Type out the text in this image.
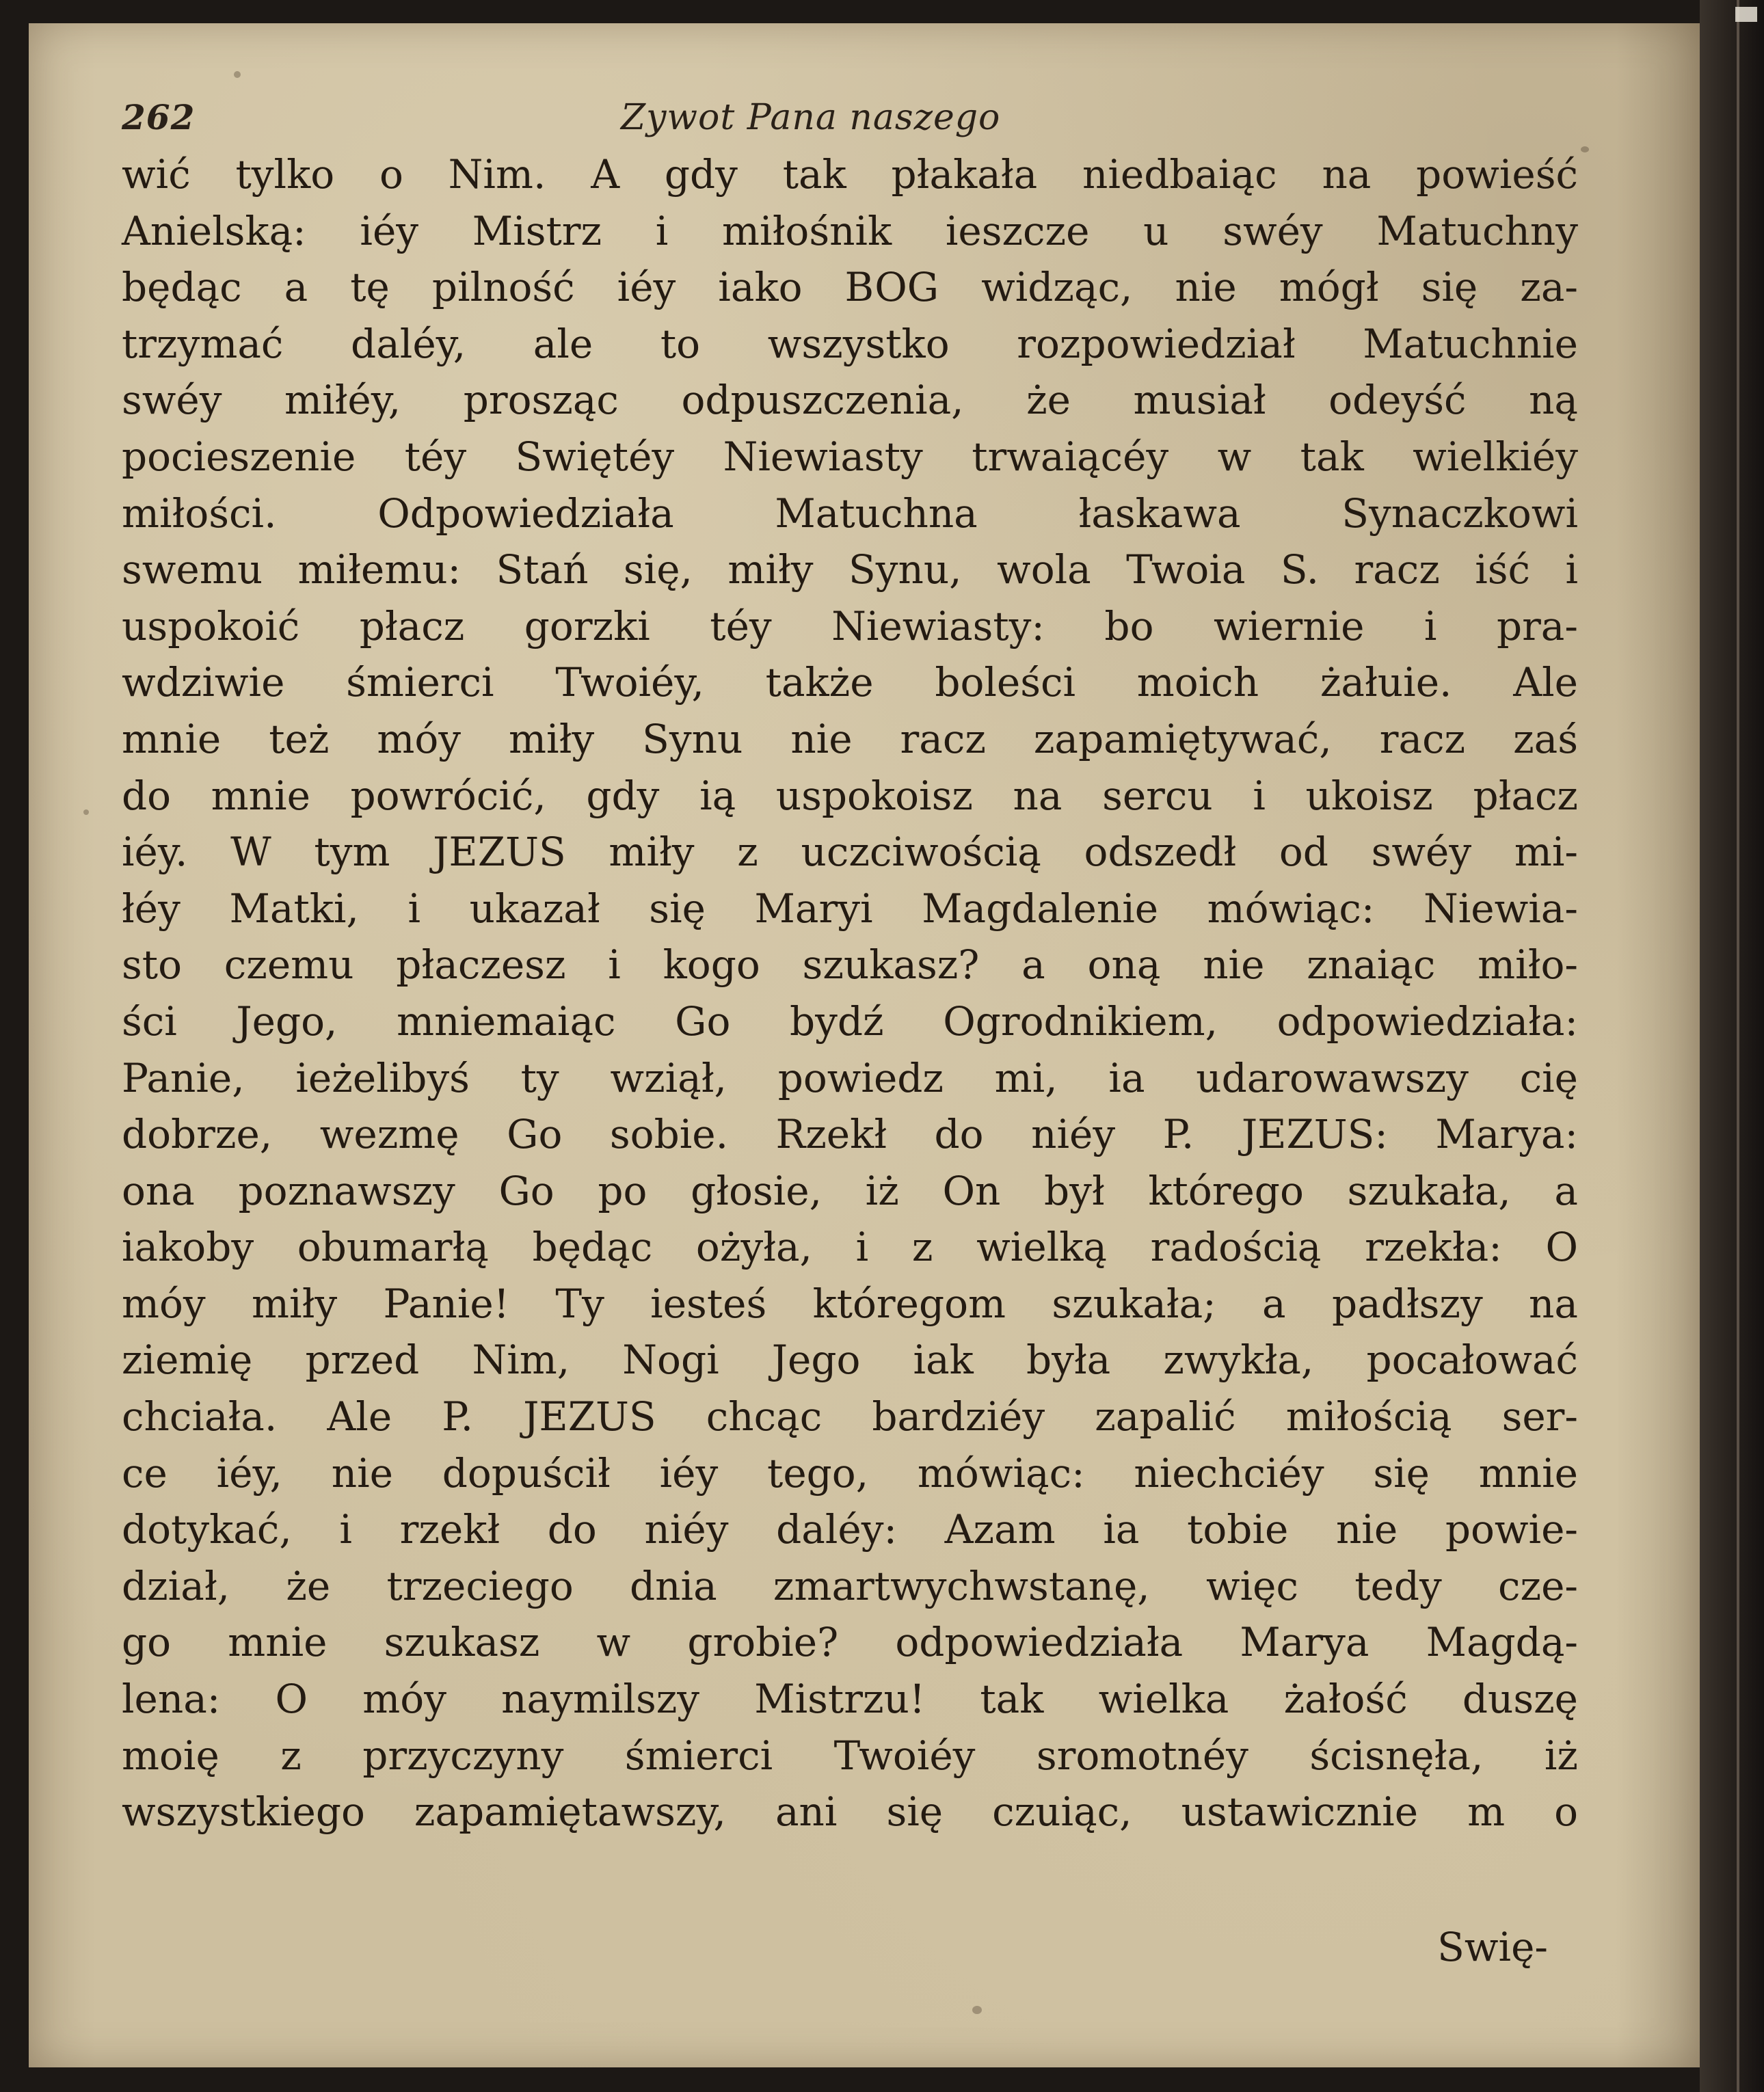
262	Zywot Pana naszego
wić tylko o Nim. A gdy tak płakała niedbaiąc na powieść
Anielską: iéy Mistrz i miłośnik ieszcze u swéy Matuchny
będąc a tę pilność iéy iako BOG widząc, nie mógł się za-
trzymać daléy, ale to wszystko rozpowiedział Matuchnie
swéy miłéy, prosząc odpuszczenia, że musiał odeyść ną
pocieszenie téy Swiętéy Niewiasty trwaiącéy w tak wielkiéy
miłości. Odpowiedziała Matuchna łaskawa Synaczkowi
swemu miłemu: Stań się, miły Synu, wola Twoia S. racz iść i
uspokoić płacz gorzki téy Niewiasty: bo wiernie i pra-
wdziwie śmierci Twoiéy, także boleści moich żałuie. Ale
mnie też móy miły Synu nie racz zapamiętywać, racz zaś
do mnie powrócić, gdy ią uspokoisz na sercu i ukoisz płacz
iéy. W tym JEZUS miły z uczciwością odszedł od swéy mi-
łéy Matki, i ukazał się Maryi Magdalenie mówiąc: Niewia-
sto czemu płaczesz i kogo szukasz? a oną nie znaiąc miło-
ści Jego, mniemaiąc Go bydź Ogrodnikiem, odpowiedziała:
Panie, ieżelibyś ty wziął, powiedz mi, ia udarowawszy cię
dobrze, wezmę Go sobie. Rzekł do niéy P. JEZUS: Marya:
ona poznawszy Go po głosie, iż On był którego szukała, a
iakoby obumarłą będąc ożyła, i z wielką radością rzekła: O
móy miły Panie! Ty iesteś któregom szukała; a padłszy na
ziemię przed Nim, Nogi Jego iak była zwykła, pocałować
chciała. Ale P. JEZUS chcąc bardziéy zapalić miłością ser-
ce iéy, nie dopuścił iéy tego, mówiąc: niechciéy się mnie
dotykać, i rzekł do niéy daléy: Azam ia tobie nie powie-
dział, że trzeciego dnia zmartwychwstanę, więc tedy cze-
go mnie szukasz w grobie? odpowiedziała Marya Magdą-
lena: O móy naymilszy Mistrzu! tak wielka żałość duszę
moię z przyczyny śmierci Twoiéy sromotnéy ścisnęła, iż
wszystkiego zapamiętawszy, ani się czuiąc, ustawicznie m o
Swię-
